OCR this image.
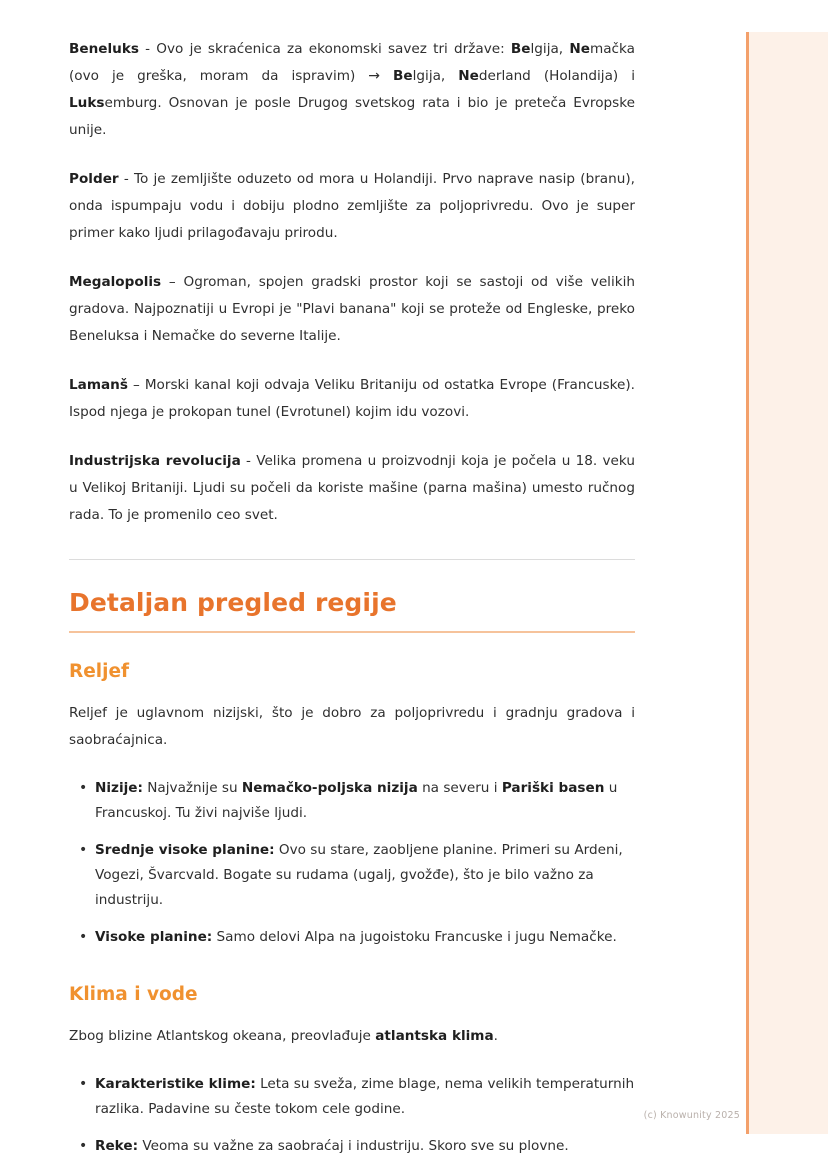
Beneluks - Ovo je skraćenica za ekonomski savez tri države: Belgija, Nemačka (ovo je greška, moram da ispravim) → Belgija, Nederland (Holandija) i Luksemburg. Osnovan je posle Drugog svetskog rata i bio je preteča Evropske unije.

Polder - To je zemljište oduzeto od mora u Holandiji. Prvo naprave nasip (branu), onda ispumpaju vodu i dobiju plodno zemljište za poljoprivredu. Ovo je super primer kako ljudi prilagođavaju prirodu.

Megalopolis – Ogroman, spojen gradski prostor koji se sastoji od više velikih gradova. Najpoznatiji u Evropi je "Plavi banana" koji se proteže od Engleske, preko Beneluksa i Nemačke do severne Italije.

Lamanš – Morski kanal koji odvaja Veliku Britaniju od ostatka Evrope (Francuske). Ispod njega je prokopan tunel (Evrotunel) kojim idu vozovi.

Industrijska revolucija - Velika promena u proizvodnji koja je počela u 18. veku u Velikoj Britaniji. Ljudi su počeli da koriste mašine (parna mašina) umesto ručnog rada. To je promenilo ceo svet.

Detaljan pregled regije
Reljef

Reljef je uglavnom nizijski, što je dobro za poljoprivredu i gradnju gradova i saobraćajnica.

• Nizije: Najvažnije su Nemačko-poljska nizija na severu i Pariški basen u Francuskoj. Tu živi najviše ljudi.
• Srednje visoke planine: Ovo su stare, zaobljene planine. Primeri su Ardeni, Vogezi, Švarcvald. Bogate su rudama (ugalj, gvožđe), što je bilo važno za industriju.
• Visoke planine: Samo delovi Alpa na jugoistoku Francuske i jugu Nemačke.
Klima i vode

Zbog blizine Atlantskog okeana, preovlađuje atlantska klima.

• Karakteristike klime: Leta su sveža, zime blage, nema velikih temperaturnih razlika. Padavine su česte tokom cele godine.
• Reke: Veoma su važne za saobraćaj i industriju. Skoro sve su plovne.
(c) Knowunity 2025
